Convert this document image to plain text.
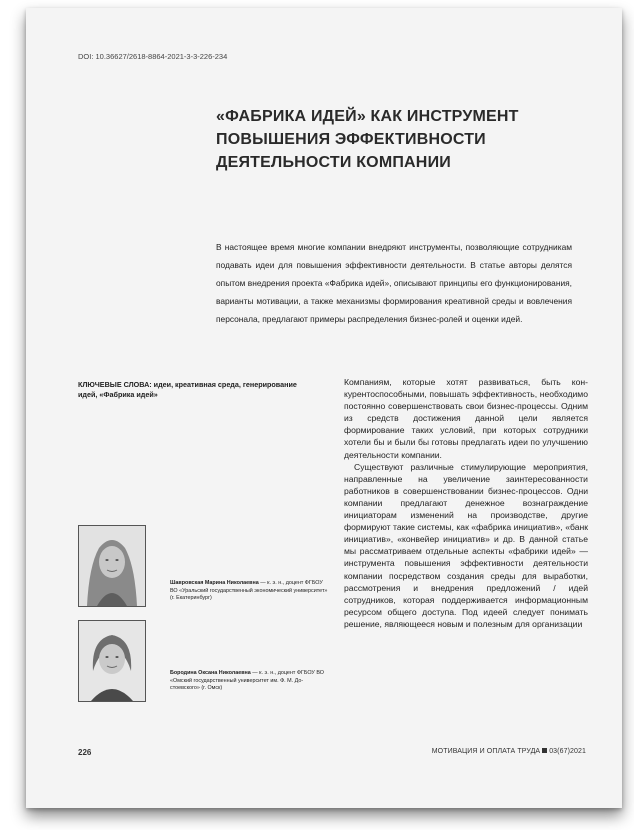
DOI: 10.36627/2618-8864-2021-3-3-226-234
«ФАБРИКА ИДЕЙ» КАК ИНСТРУМЕНТ
ПОВЫШЕНИЯ ЭФФЕКТИВНОСТИ
ДЕЯТЕЛЬНОСТИ КОМПАНИИ

В настоящее время многие компании внедряют инструменты, позволяющие сотрудникам подавать идеи для повышения эффективности деятельности. В статье авторы делятся опытом внедрения проекта «Фабрика идей», описывают принципы его функционирования, варианты мотивации, а также механизмы формирования креативной среды и вовлечения персонала, предлагают примеры распределения бизнес-ролей и оценки идей.

КЛЮЧЕВЫЕ СЛОВА: идеи, креативная среда, генерирование идей, «Фабрика идей»

Компаниям, которые хотят развиваться, быть конкурентоспособными, повышать эффективность, необходимо постоянно совершенствовать свои бизнес-процессы. Одним из средств достижения данной цели является формирование таких условий, при которых сотрудники хотели бы и были бы готовы предлагать идеи по улучшению деятельности компании.

Существуют различные стимулирующие мероприятия, направленные на увеличение заинтересованности работников в совершенствовании бизнес-процессов. Одни компании предлагают денежное вознаграждение инициаторам изменений на производстве, другие формируют такие системы, как «фабрика инициатив», «банк инициатив», «конвейер инициатив» и др. В данной статье мы рассматриваем отдельные аспекты «фабрики идей» — инструмента повышения эффективности деятельности компании посредством создания среды для выработки, рассмотрения и внедрения предложений / идей сотрудников, которая поддерживается информационным ресурсом общего доступа. Под идеей следует понимать решение, являющееся новым и полезным для организации

Шавровская Марина Николаевна — к. э. н., доцент ФГБОУ ВО «Уральский государственный экономический университет» (г. Екатеринбург)
Бородина Оксана Николаевна — к. э. н., доцент ФГБОУ ВО «Омский государственный университет им. Ф. М. Достоевского» (г. Омск)
226	МОТИВАЦИЯ И ОПЛАТА ТРУДА 03(67)2021
